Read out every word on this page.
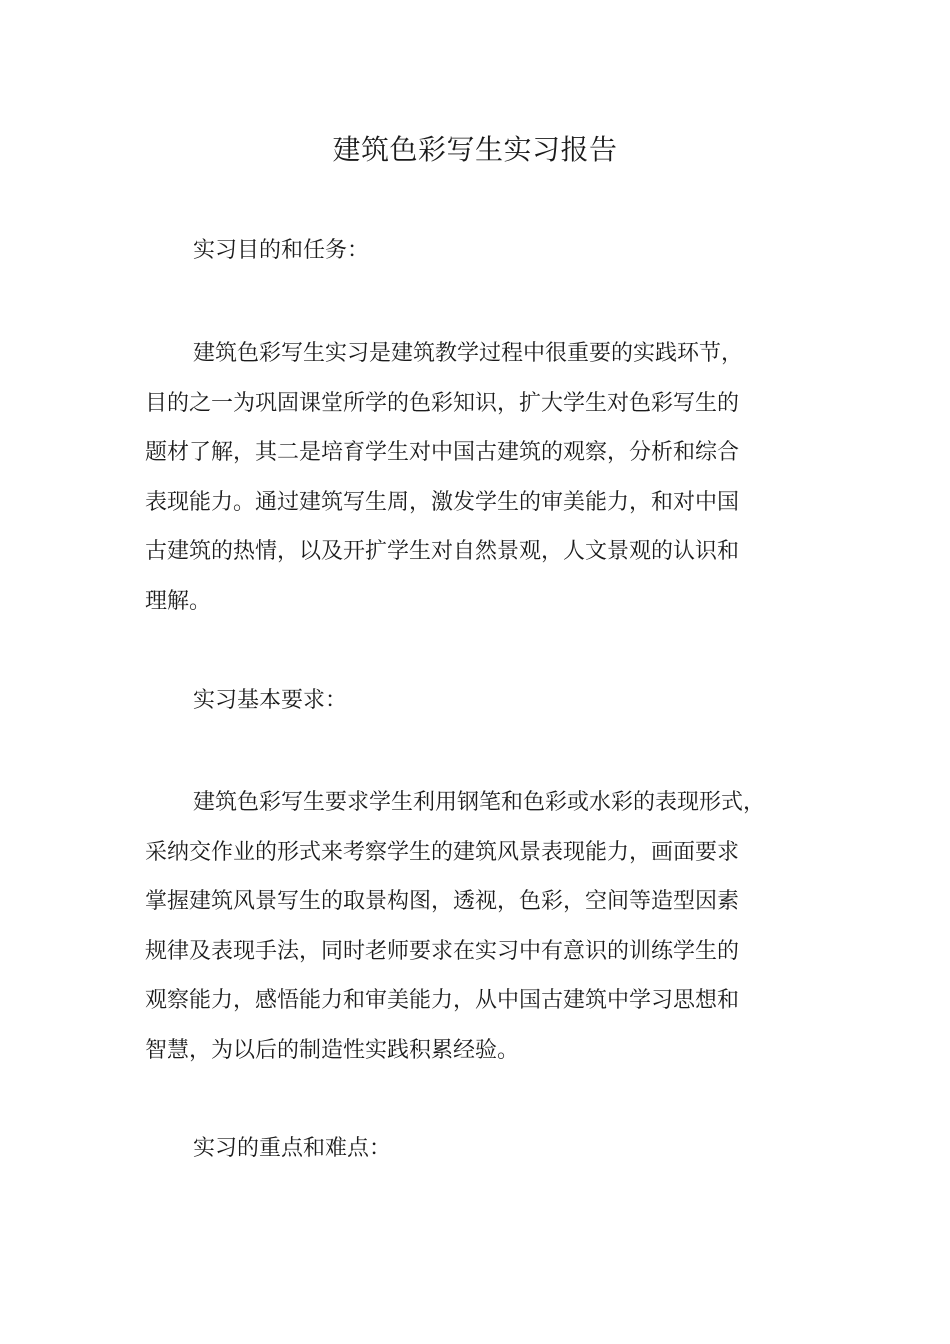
建筑色彩写生实习报告

实习目的和任务：

建筑色彩写生实习是建筑教学过程中很重要的实践环节，
目的之一为巩固课堂所学的色彩知识，扩大学生对色彩写生的
题材了解，其二是培育学生对中国古建筑的观察，分析和综合
表现能力。通过建筑写生周，激发学生的审美能力，和对中国
古建筑的热情，以及开扩学生对自然景观，人文景观的认识和
理解。

实习基本要求：

建筑色彩写生要求学生利用钢笔和色彩或水彩的表现形式，
采纳交作业的形式来考察学生的建筑风景表现能力，画面要求
掌握建筑风景写生的取景构图，透视，色彩，空间等造型因素
规律及表现手法，同时老师要求在实习中有意识的训练学生的
观察能力，感悟能力和审美能力，从中国古建筑中学习思想和
智慧，为以后的制造性实践积累经验。

实习的重点和难点：
